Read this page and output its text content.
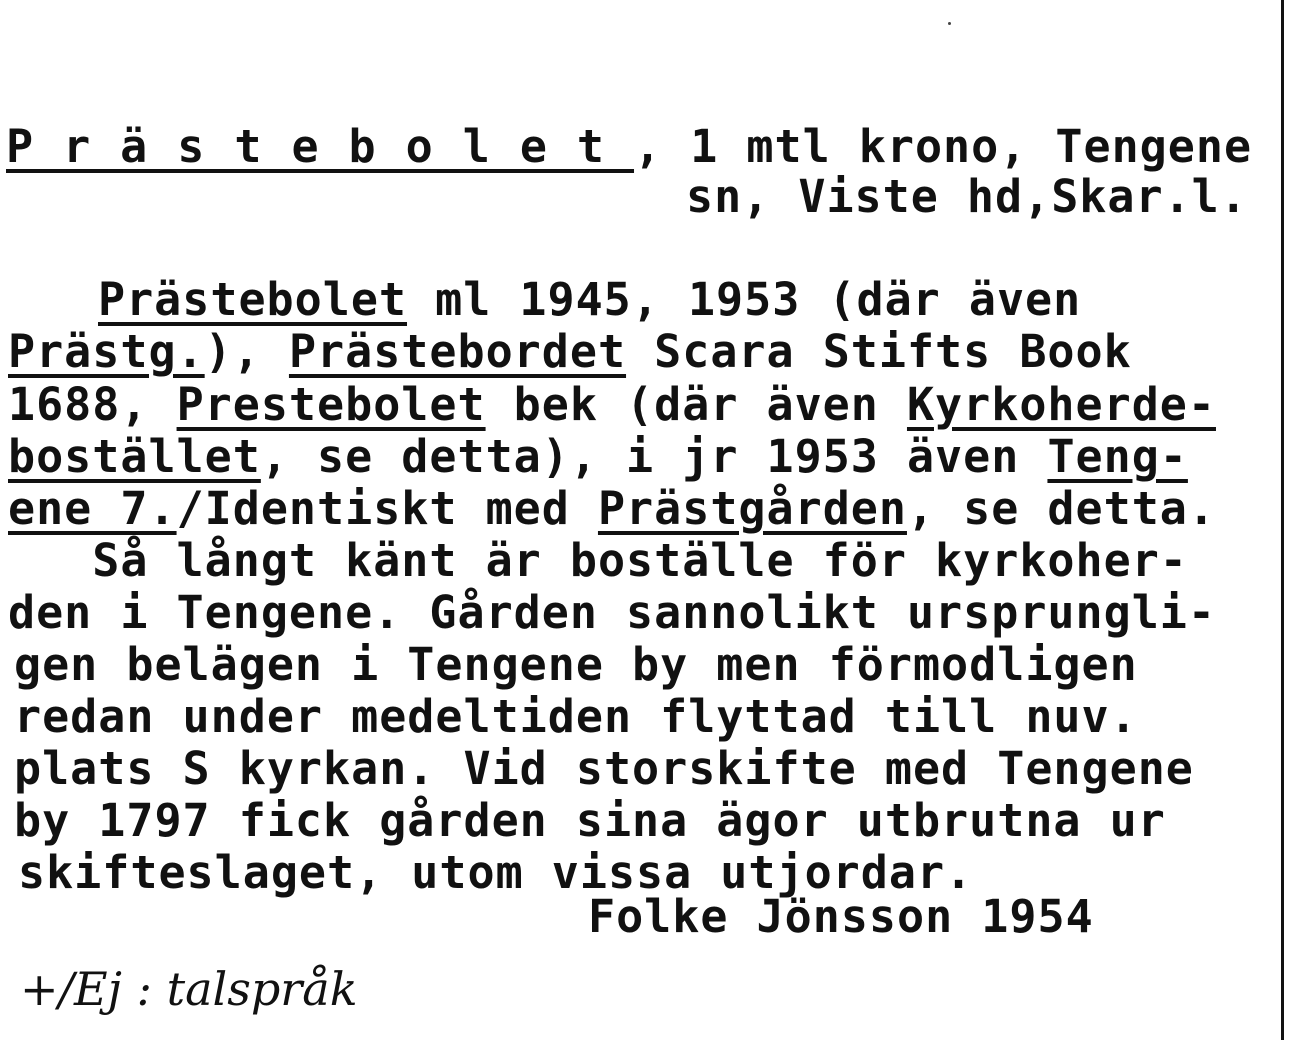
Prästebolet, 1 mtl krono, Tengene
sn, Viste hd,Skar.l.
Prästebolet ml 1945, 1953 (där även
Prästg.), Prästebordet Scara Stifts Book
1688, Prestebolet bek (där även Kyrkoherde-
bostället, se detta), i jr 1953 även Teng-
ene 7./Identiskt med Prästgården, se detta.
Så långt känt är boställe för kyrkoher-
den i Tengene. Gården sannolikt ursprungli-
gen belägen i Tengene by men förmodligen
redan under medeltiden flyttad till nuv.
plats S kyrkan. Vid storskifte med Tengene
by 1797 fick gården sina ägor utbrutna ur
skifteslaget, utom vissa utjordar.
Folke Jönsson 1954
+/Ej : talspråk
